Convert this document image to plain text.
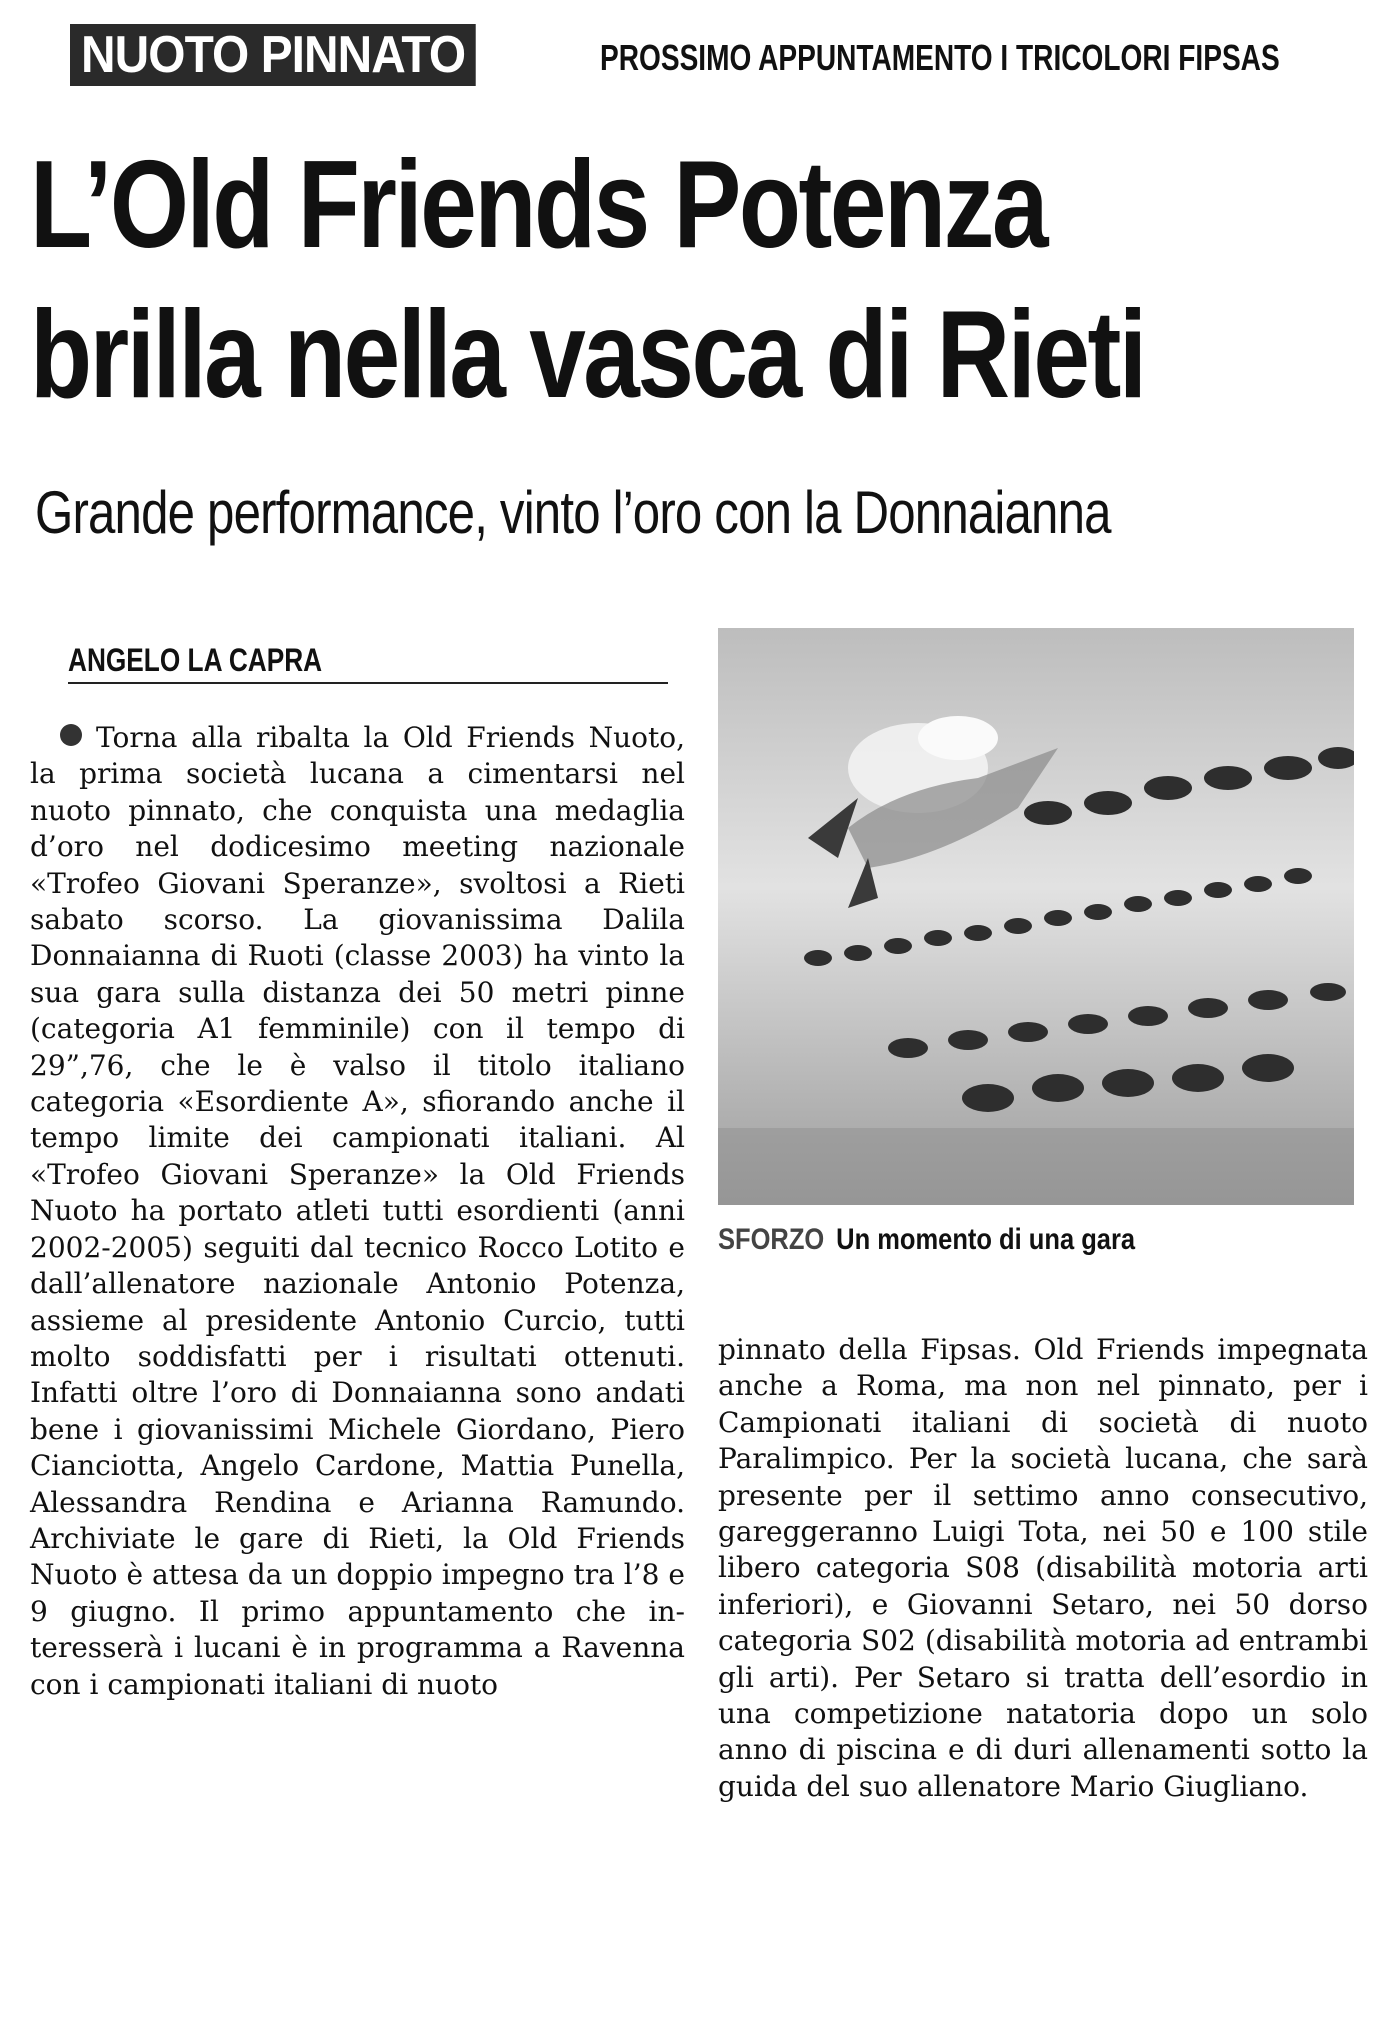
NUOTO PINNATO	PROSSIMO APPUNTAMENTO I TRICOLORI FIPSAS
L’Old Friends Potenza
brilla nella vasca di Rieti
Grande performance, vinto l’oro con la Donnaianna
ANGELO LA CAPRA
Torna alla ribalta la Old Friends Nuoto, la prima società lucana a cimentarsi nel nuoto pinnato, che conquista una medaglia d’oro nel dodicesimo meeting nazionale «Trofeo Giovani Speranze», svoltosi a Rieti sabato scorso. La giovanissima Dalila Donnaianna di Ruoti (classe 2003) ha vinto la sua gara sulla distanza dei 50 metri pinne (categoria A1 femminile) con il tempo di 29”,76, che le è valso il titolo italiano categoria «Esordiente A», sfiorando anche il tempo limite dei campionati italiani. Al «Trofeo Giovani Speranze» la Old Friends Nuoto ha portato atleti tutti esordienti (anni 2002-2005) seguiti dal tecnico Rocco Lotito e dall’allenatore nazionale Antonio Potenza, assieme al presidente Antonio Curcio, tutti molto soddisfatti per i risultati ottenuti. Infatti oltre l’oro di Donnaianna sono andati bene i giovanissimi Michele Giordano, Piero Cianciotta, Angelo Cardone, Mattia Punella, Alessandra Rendina e Arianna Ramundo. Archiviate le gare di Rieti, la Old Friends Nuoto è attesa da un doppio impegno tra l’8 e 9 giugno. Il primo appuntamento che interesserà i lucani è in programma a Ravenna con i campionati italiani di nuoto
SFORZO Un momento di una gara
pinnato della Fipsas. Old Friends impegnata anche a Roma, ma non nel pinnato, per i Campionati italiani di società di nuoto Paralimpico. Per la società lucana, che sarà presente per il settimo anno consecutivo, gareggeranno Luigi Tota, nei 50 e 100 stile libero categoria S08 (disabilità motoria arti inferiori), e Giovanni Setaro, nei 50 dorso categoria S02 (disabilità motoria ad entrambi gli arti). Per Setaro si tratta dell’esordio in una competizione natatoria dopo un solo anno di piscina e di duri allenamenti sotto la guida del suo allenatore Mario Giugliano.
